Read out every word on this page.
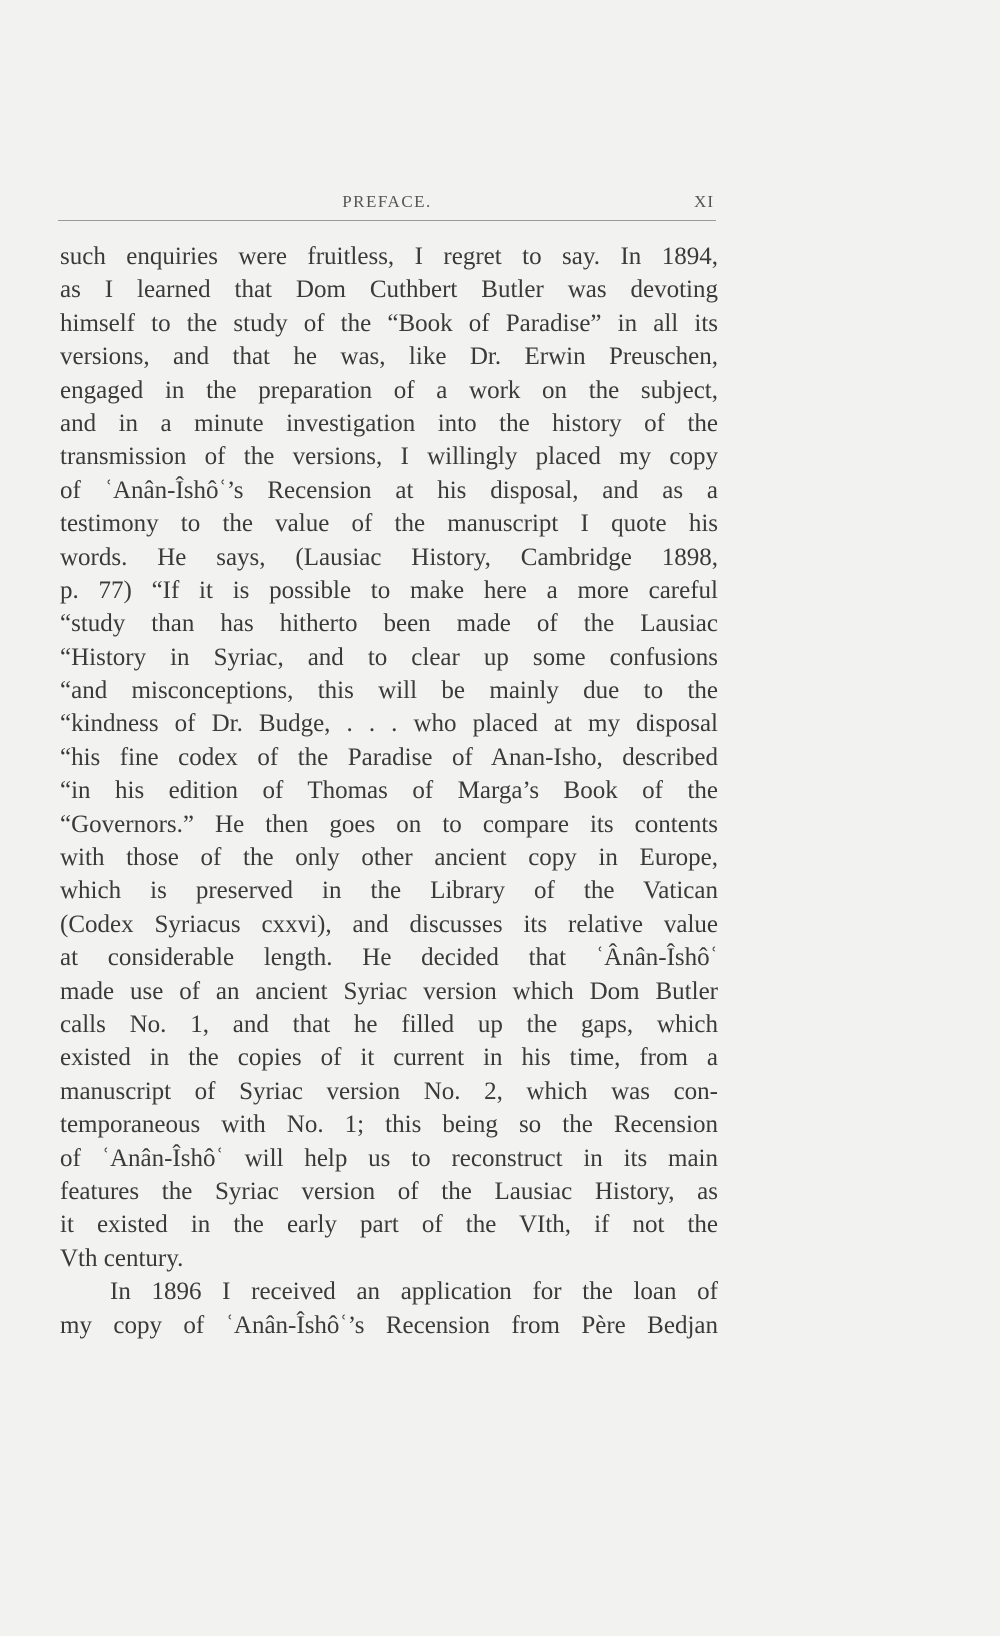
PREFACE.	XI
such enquiries were fruitless, I regret to say. In 1894,
as I learned that Dom Cuthbert Butler was devoting
himself to the study of the “Book of Paradise” in all its
versions, and that he was, like Dr. Erwin Preuschen,
engaged in the preparation of a work on the subject,
and in a minute investigation into the history of the
transmission of the versions, I willingly placed my copy
of ʿAnân-Îshôʿ’s Recension at his disposal, and as a
testimony to the value of the manuscript I quote his
words. He says, (Lausiac History, Cambridge 1898,
p. 77) “If it is possible to make here a more careful
“study than has hitherto been made of the Lausiac
“History in Syriac, and to clear up some confusions
“and misconceptions, this will be mainly due to the
“kindness of Dr. Budge, . . . who placed at my disposal
“his fine codex of the Paradise of Anan-Isho, described
“in his edition of Thomas of Marga’s Book of the
“Governors.” He then goes on to compare its contents
with those of the only other ancient copy in Europe,
which is preserved in the Library of the Vatican
(Codex Syriacus cxxvi), and discusses its relative value
at considerable length. He decided that ʿÂnân-Îshôʿ
made use of an ancient Syriac version which Dom Butler
calls No. 1, and that he filled up the gaps, which
existed in the copies of it current in his time, from a
manuscript of Syriac version No. 2, which was con-
temporaneous with No. 1; this being so the Recension
of ʿAnân-Îshôʿ will help us to reconstruct in its main
features the Syriac version of the Lausiac History, as
it existed in the early part of the VIth, if not the
Vth century.
In 1896 I received an application for the loan of
my copy of ʿAnân-Îshôʿ’s Recension from Père Bedjan
